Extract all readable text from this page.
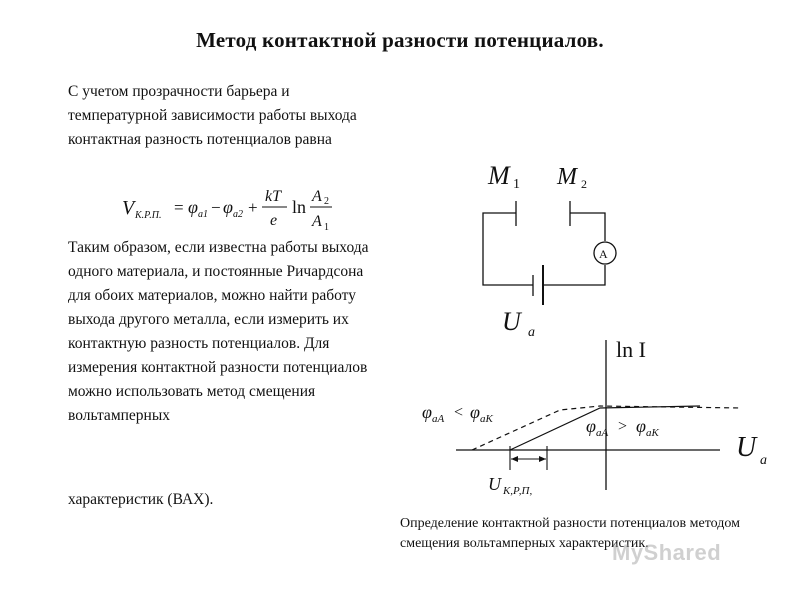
Метод контактной разности потенциалов.
С учетом прозрачности барьера и температурной зависимости работы выхода контактная разность потенциалов равна
V К.Р.П. = φ a1 − φ a2 +
kT
e
ln
A 2
A 1
Таким образом, если известна работы выхода одного материала, и постоянные Ричардсона для обоих материалов, можно найти работу выхода другого металла, если измерить их контактную разность потенциалов. Для измерения контактной разности потенциалов можно использовать метод смещения вольтамперных
характеристик (ВАХ).
M 1 M 2
A
U a
ln I
U a
φ aA < φ aK	φ aA > φ aK
U К,Р,П,
Определение контактной разности потенциалов методом смещения вольтамперных характеристик.
MyShared
